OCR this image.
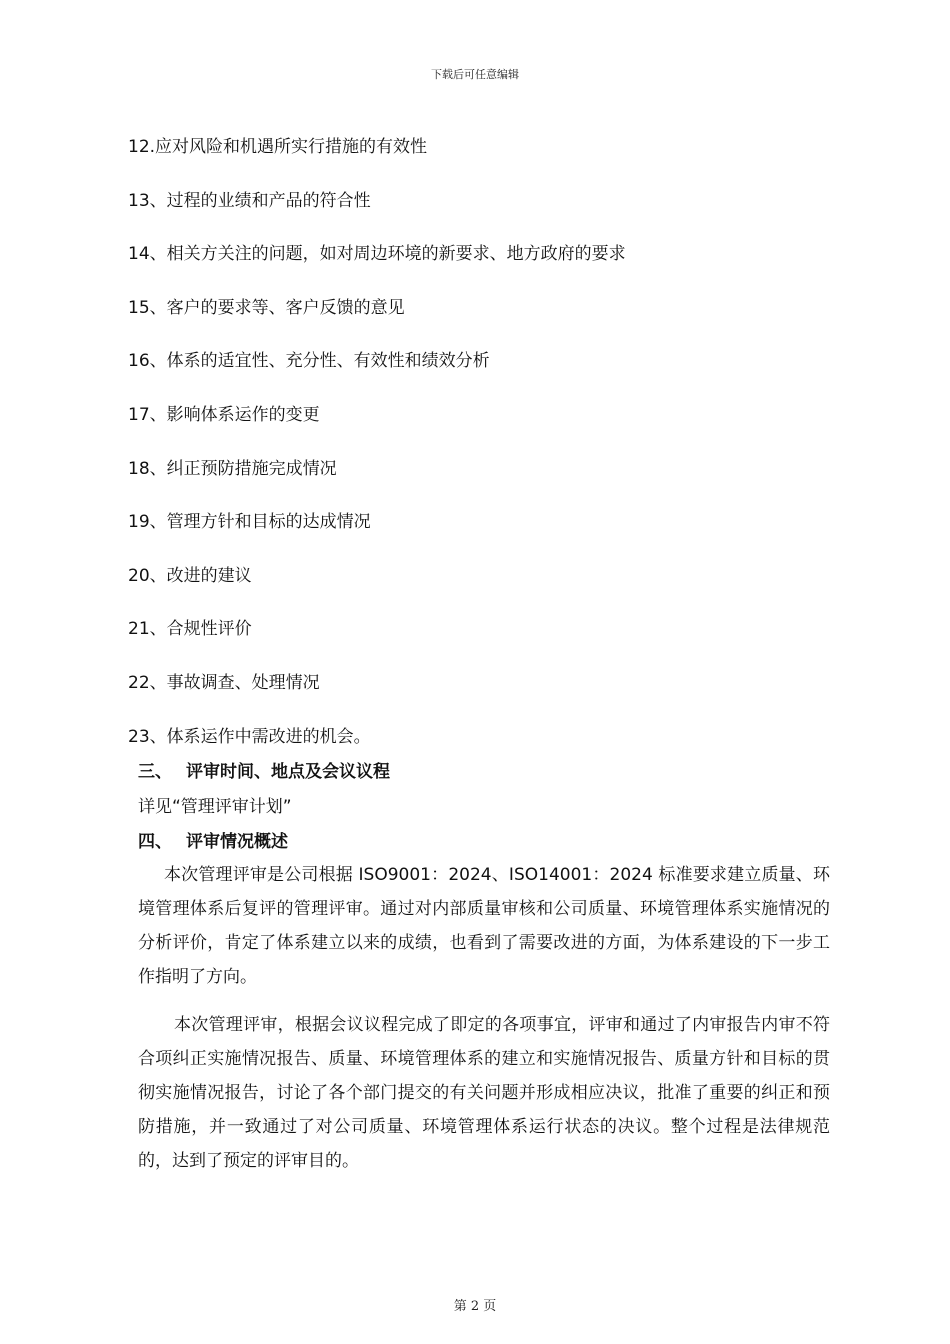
下载后可任意编辑
12.应对风险和机遇所实行措施的有效性
13、过程的业绩和产品的符合性
14、相关方关注的问题，如对周边环境的新要求、地方政府的要求
15、客户的要求等、客户反馈的意见
16、体系的适宜性、充分性、有效性和绩效分析
17、影响体系运作的变更
18、纠正预防措施完成情况
19、管理方针和目标的达成情况
20、改进的建议
21、合规性评价
22、事故调查、处理情况
23、体系运作中需改进的机会。
三、 评审时间、地点及会议议程
详见“管理评审计划”
四、 评审情况概述

本次管理评审是公司根据 ISO9001：2024、ISO14001：2024 标准要求建立质量、环境管理体系后复评的管理评审。通过对内部质量审核和公司质量、环境管理体系实施情况的分析评价，肯定了体系建立以来的成绩，也看到了需要改进的方面，为体系建设的下一步工作指明了方向。

本次管理评审，根据会议议程完成了即定的各项事宜，评审和通过了内审报告内审不符合项纠正实施情况报告、质量、环境管理体系的建立和实施情况报告、质量方针和目标的贯彻实施情况报告，讨论了各个部门提交的有关问题并形成相应决议，批准了重要的纠正和预防措施，并一致通过了对公司质量、环境管理体系运行状态的决议。整个过程是法律规范的，达到了预定的评审目的。

第 2 页
